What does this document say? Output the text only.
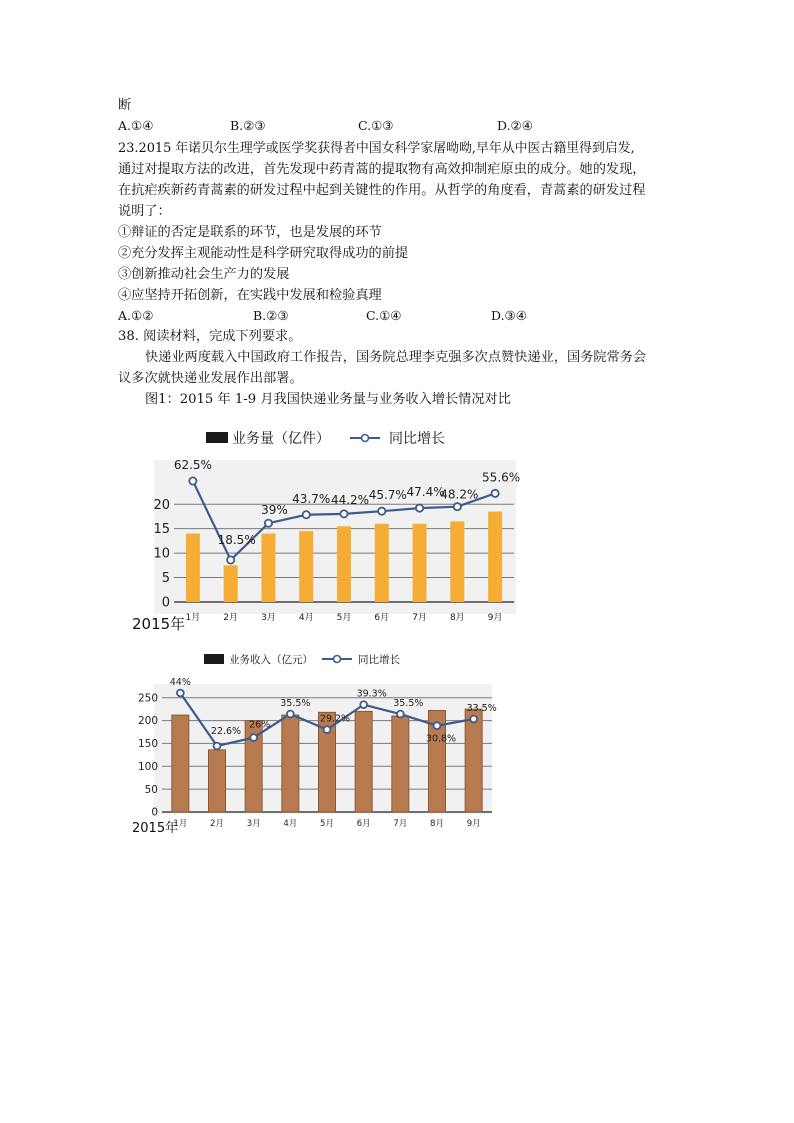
断
A.①④	B.②③	C.①③	D.②④
23.2015 年诺贝尔生理学或医学奖获得者中国女科学家屠呦呦,早年从中医古籍里得到启发,
通过对提取方法的改进，首先发现中药青蒿的提取物有高效抑制疟原虫的成分。她的发现，
在抗疟疾新药青蒿素的研发过程中起到关键性的作用。从哲学的角度看，青蒿素的研发过程
说明了：
①辩证的否定是联系的环节，也是发展的环节
②充分发挥主观能动性是科学研究取得成功的前提
③创新推动社会生产力的发展
④应坚持开拓创新，在实践中发展和检验真理
A.①②	B.②③	C.①④	D.③④
38. 阅读材料，完成下列要求。
快递业两度载入中国政府工作报告，国务院总理李克强多次点赞快递业，国务院常务会
议多次就快递业发展作出部署。
图1：2015 年 1-9 月我国快递业务量与业务收入增长情况对比
业务量（亿件）	同比增长
0
5
10
15
20
62.5%
18.5%
39%
43.7% 44.2% 45.7% 47.4%
48.2%
55.6%
1月	2月	3月	4月	5月	6月	7月	8月	9月
2015年
业务收入（亿元）	同比增长
0
50
100
150
200
250
44%
22.6%
26%
35.5%
29.2%
39.3%
35.5%
30.8%
33.5%
1月	2月	3月	4月	5月	6月	7月	8月	9月
2015年
